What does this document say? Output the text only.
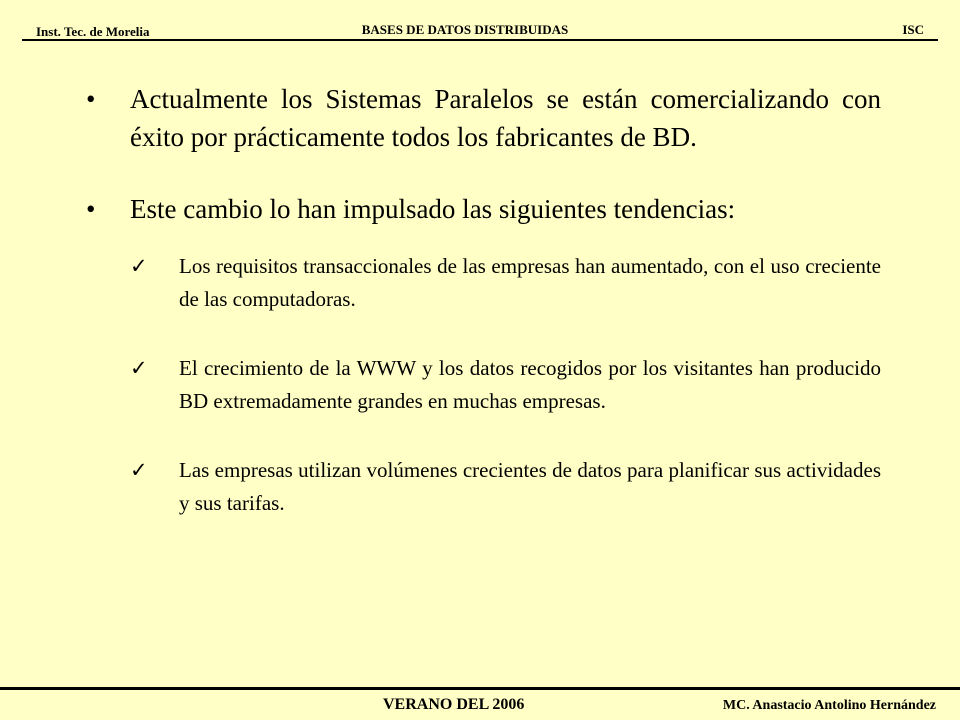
Inst. Tec. de Morelia	BASES DE DATOS DISTRIBUIDAS	ISC
• Actualmente los Sistemas Paralelos se están comercializando con éxito por prácticamente todos los fabricantes de BD.
• Este cambio lo han impulsado las siguientes tendencias:
✓ Los requisitos transaccionales de las empresas han aumentado, con el uso creciente de las computadoras.
✓ El crecimiento de la WWW y los datos recogidos por los visitantes han producido BD extremadamente grandes en muchas empresas.
✓ Las empresas utilizan volúmenes crecientes de datos para planificar sus actividades y sus tarifas.
VERANO DEL 2006	MC. Anastacio Antolino Hernández
